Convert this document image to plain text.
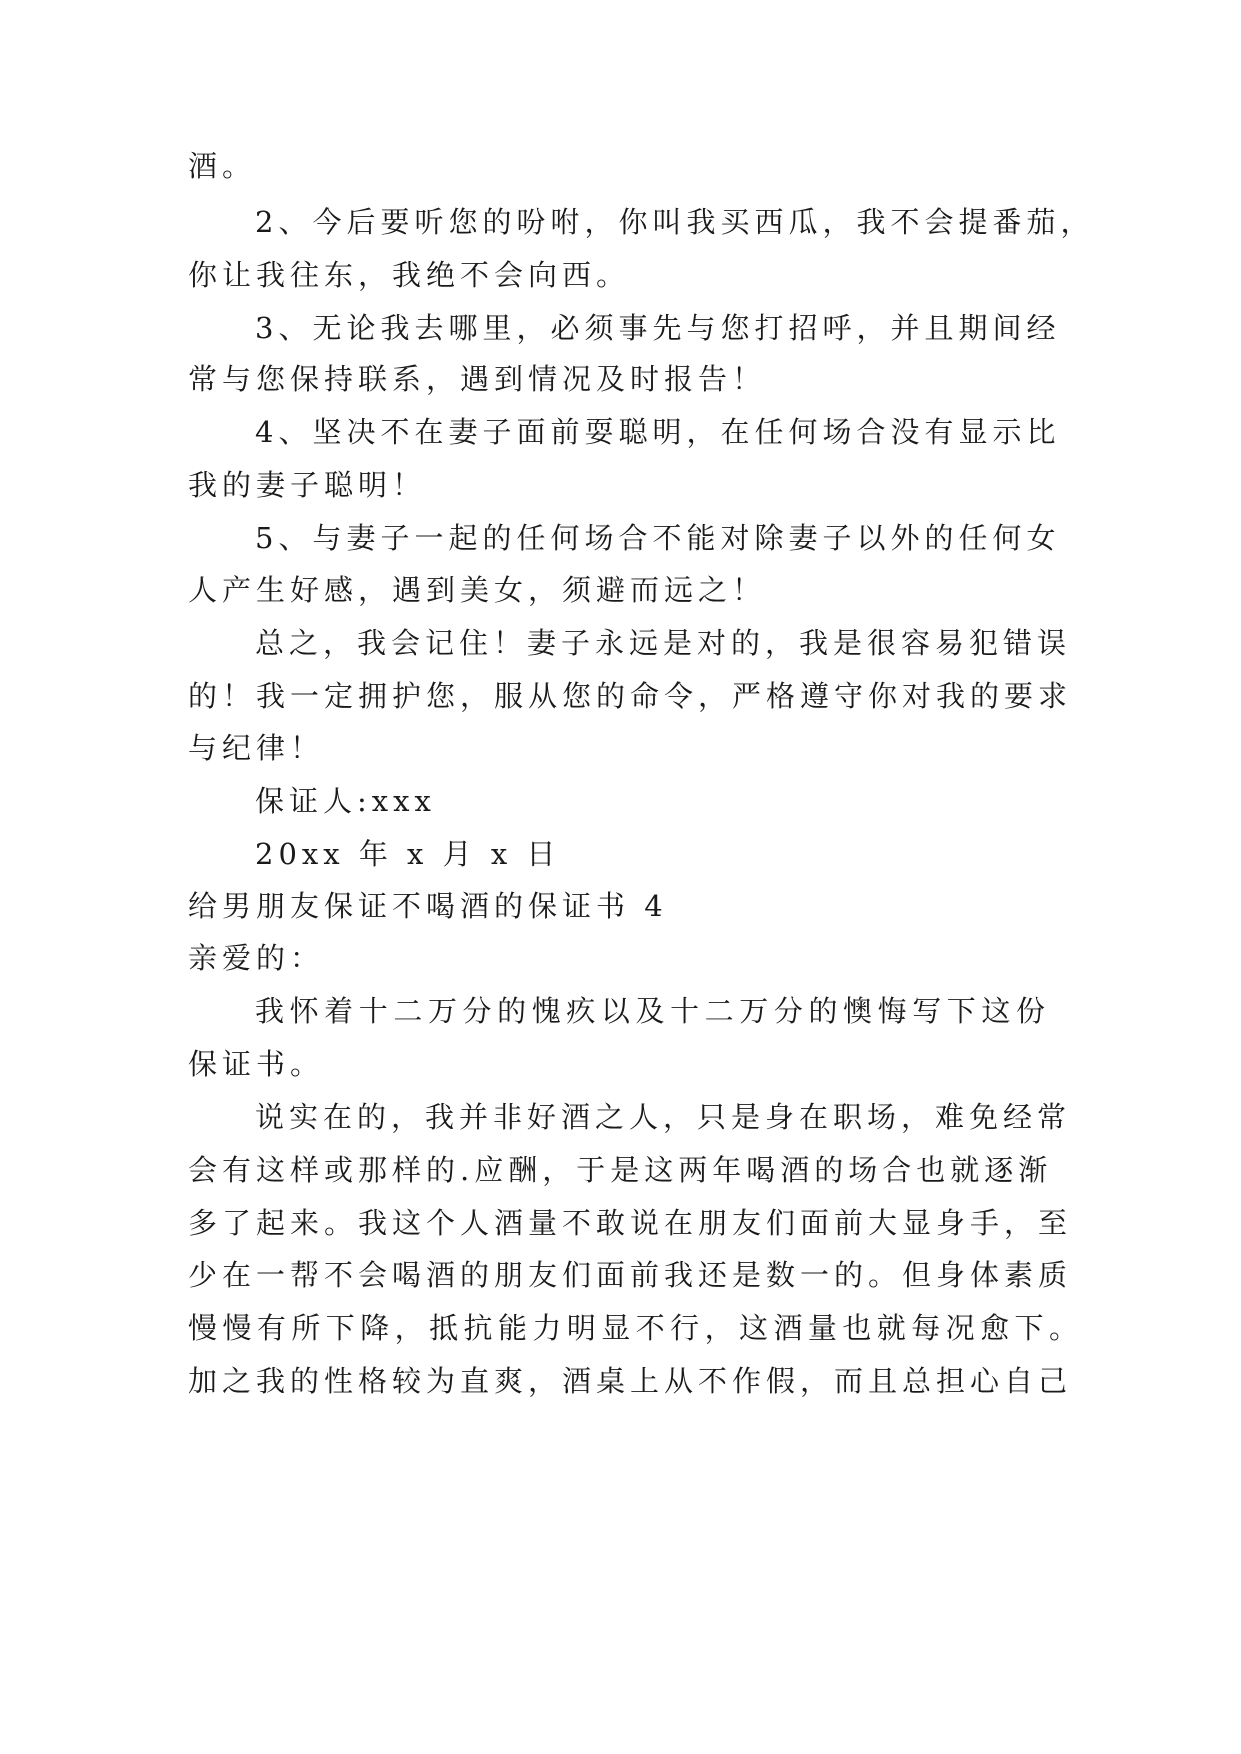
酒。
2、今后要听您的吩咐，你叫我买西瓜，我不会提番茄，
你让我往东，我绝不会向西。
3、无论我去哪里，必须事先与您打招呼，并且期间经
常与您保持联系，遇到情况及时报告！
4、坚决不在妻子面前耍聪明，在任何场合没有显示比
我的妻子聪明！
5、与妻子一起的任何场合不能对除妻子以外的任何女
人产生好感，遇到美女，须避而远之！
总之，我会记住！妻子永远是对的，我是很容易犯错误
的！我一定拥护您，服从您的命令，严格遵守你对我的要求
与纪律！
保证人:xxx
20xx 年 x 月 x 日
给男朋友保证不喝酒的保证书 4
亲爱的：
我怀着十二万分的愧疚以及十二万分的懊悔写下这份
保证书。
说实在的，我并非好酒之人，只是身在职场，难免经常
会有这样或那样的.应酬，于是这两年喝酒的场合也就逐渐
多了起来。我这个人酒量不敢说在朋友们面前大显身手，至
少在一帮不会喝酒的朋友们面前我还是数一的。但身体素质
慢慢有所下降，抵抗能力明显不行，这酒量也就每况愈下。
加之我的性格较为直爽，酒桌上从不作假，而且总担心自己
